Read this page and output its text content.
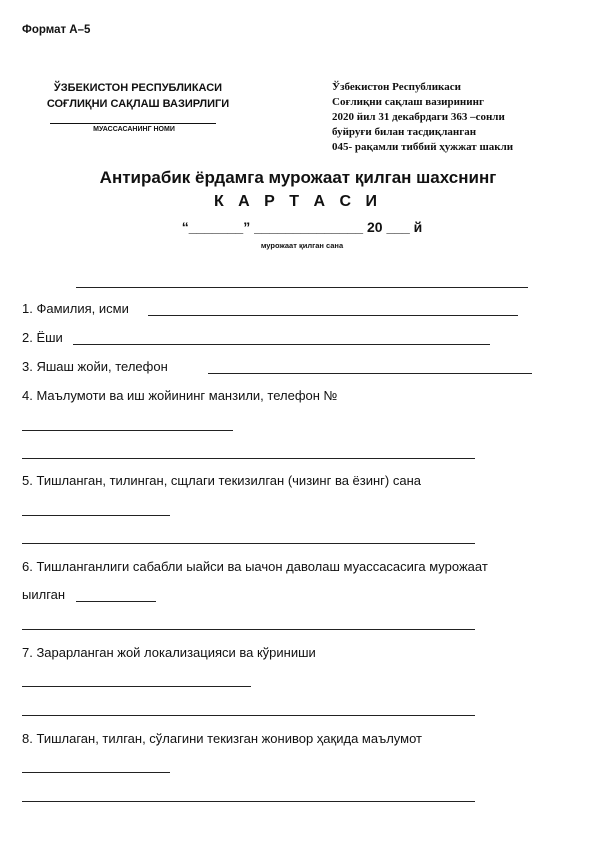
Формат А–5
ЎЗБЕКИСТОН РЕСПУБЛИКАСИ
СОҒЛИҚНИ САҚЛАШ ВАЗИРЛИГИ
МУАССАСАНИНГ НОМИ
Ўзбекистон Республикаси
Соғлиқни сақлаш вазирининг
2020 йил 31 декабрдаги 363 –сонли
буйруғи билан тасдиқланган
045- рақамли тиббий ҳужжат шакли
Антирабик ёрдамга мурожаат қилган шахснинг
К А Р Т А С И
“_______” ______________ 20 ___ й
мурожаат қилган сана
1. Фамилия, исми
2. Ёши
3. Яшаш жойи, телефон
4. Маълумоти ва иш жойининг манзили, телефон №
5. Тишланган, тилинган, сщлаги текизилган (чизинг ва ёзинг) сана
6. Тишланганлиги сабабли ыайси ва ыачон даволаш муассасасига мурожаат
ыилган
7. Зарарланган жой локализацияси ва кўриниши
8. Тишлаган, тилган, сўлагини текизган жонивор ҳақида маълумот
